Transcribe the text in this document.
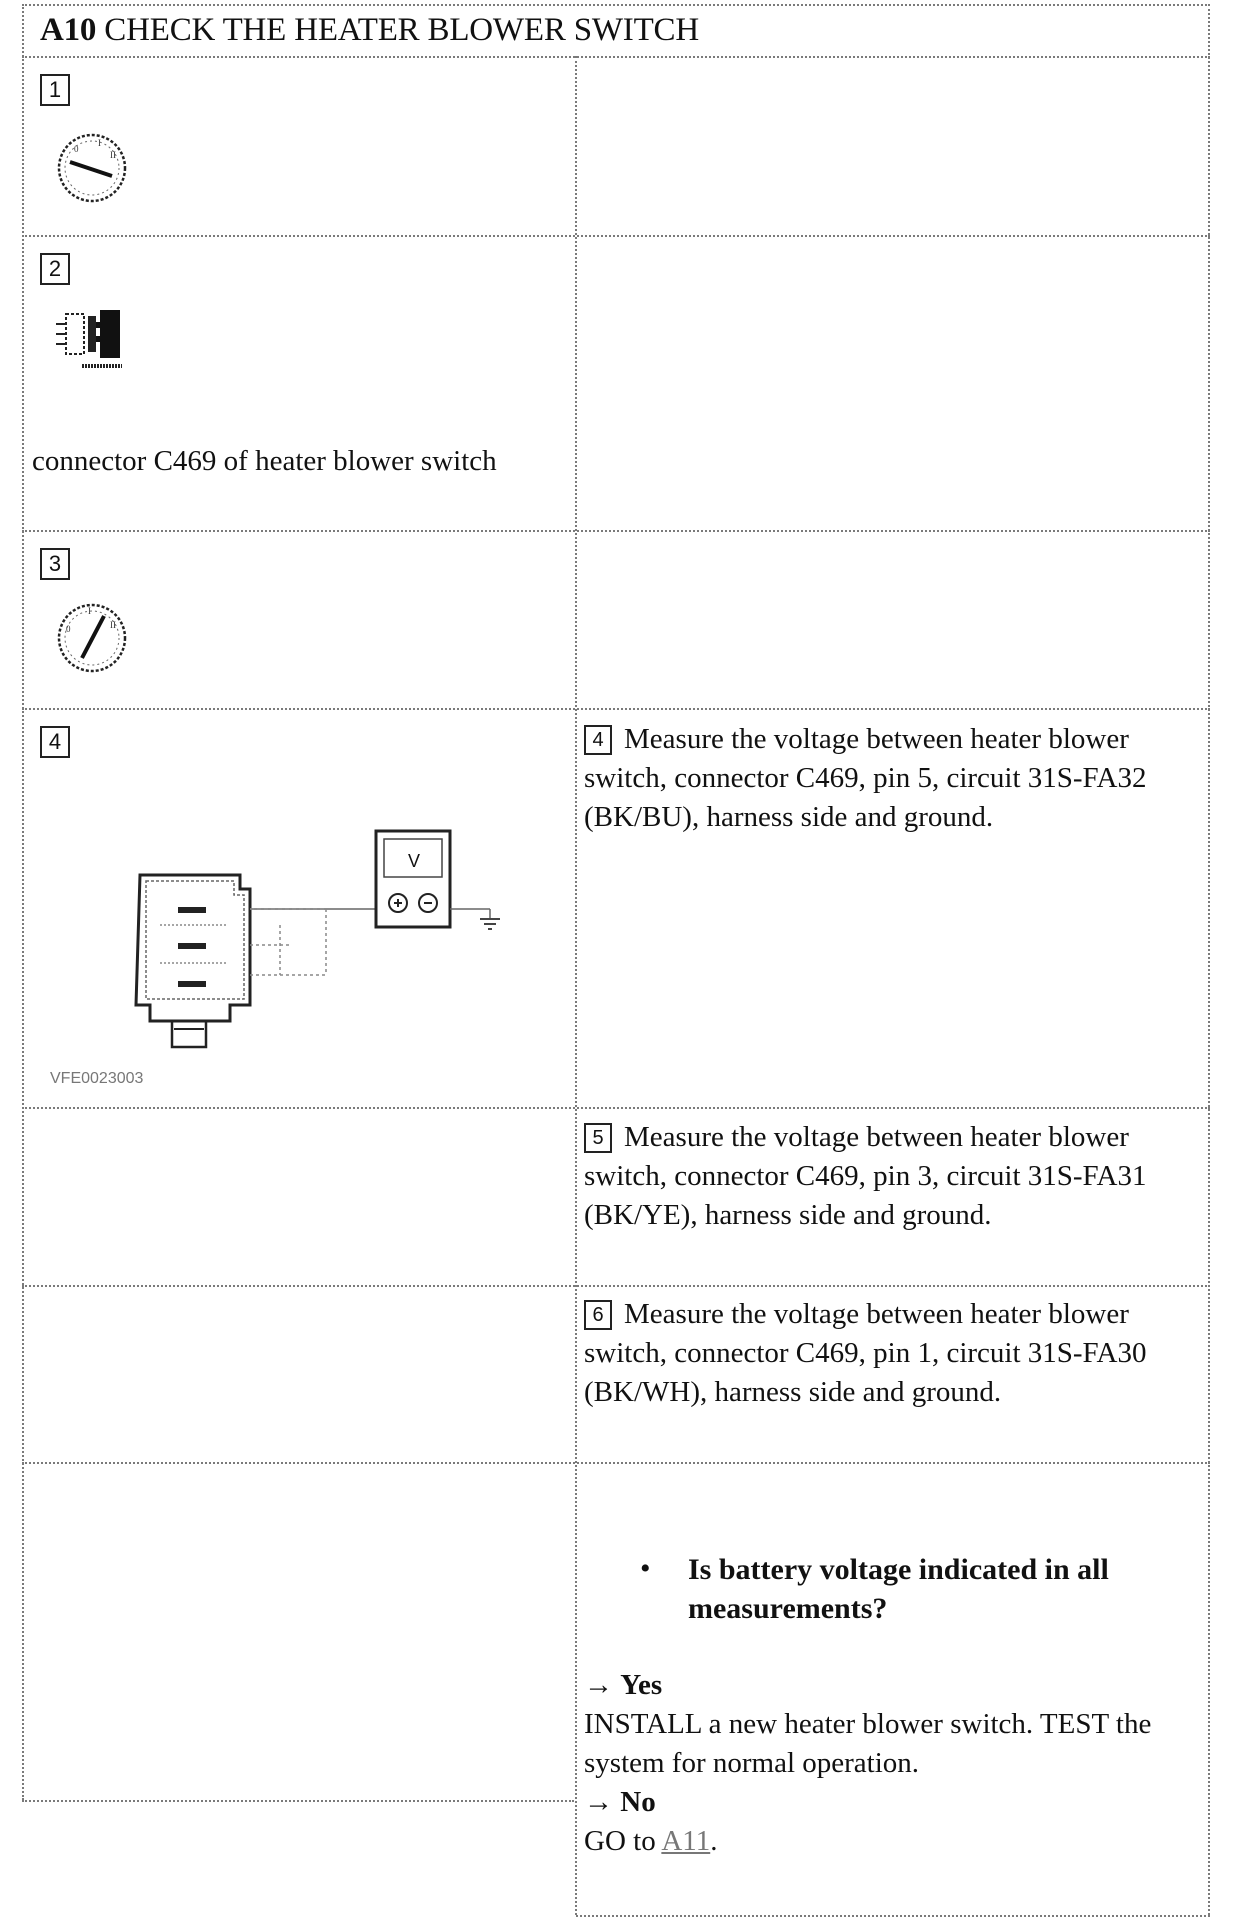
A10 CHECK THE HEATER BLOWER SWITCH
1
0
I
II
2
connector C469 of heater blower switch
3
0
I
II
4
V
VFE0023003
4 Measure the voltage between heater blower switch, connector C469, pin 5, circuit 31S-FA32 (BK/BU), harness side and ground.
5 Measure the voltage between heater blower switch, connector C469, pin 3, circuit 31S-FA31 (BK/YE), harness side and ground.
6 Measure the voltage between heater blower switch, connector C469, pin 1, circuit 31S-FA30 (BK/WH), harness side and ground.
• Is battery voltage indicated in all measurements?
→ Yes
INSTALL a new heater blower switch. TEST the system for normal operation.
→ No
GO to A11.
